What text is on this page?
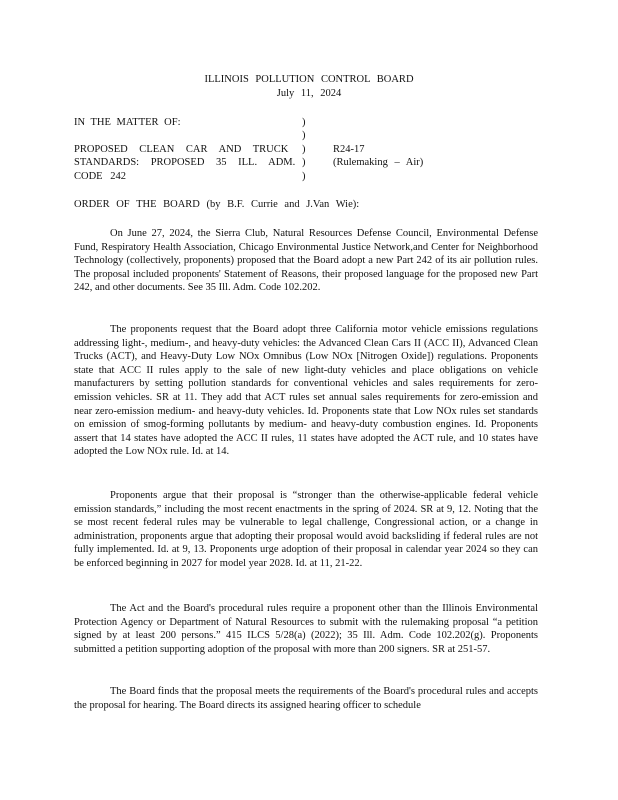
ILLINOIS POLLUTION CONTROL BOARD
July 11, 2024
IN THE MATTER OF:	)
)
)
)
)
PROPOSED CLEAN CAR AND TRUCK
STANDARDS: PROPOSED 35 ILL. ADM.
CODE 242
R24-17
(Rulemaking – Air)
ORDER OF THE BOARD (by B.F. Currie and J.Van Wie):

On June 27, 2024, the Sierra Club, Natural Resources Defense Council, Environmental Defense Fund, Respiratory Health Association, Chicago Environmental Justice Network,and Center for Neighborhood Technology (collectively, proponents) proposed that the Board adopt a new Part 242 of its air pollution rules. The proposal included proponents' Statement of Reasons, their proposed language for the proposed new Part 242, and other documents. See 35 Ill. Adm. Code 102.202.

The proponents request that the Board adopt three California motor vehicle emissions regulations addressing light-, medium-, and heavy-duty vehicles: the Advanced Clean Cars II (ACC II), Advanced Clean Trucks (ACT), and Heavy-Duty Low NOx Omnibus (Low NOx [Nitrogen Oxide]) regulations. Proponents state that ACC II rules apply to the sale of new light-duty vehicles and place obligations on vehicle manufacturers by setting pollution standards for conventional vehicles and sales requirements for zero-emission vehicles. SR at 11. They add that ACT rules set annual sales requirements for zero-emission and near zero-emission medium- and heavy-duty vehicles. Id. Proponents state that Low NOx rules set standards on emission of smog-forming pollutants by medium- and heavy-duty combustion engines. Id. Proponents assert that 14 states have adopted the ACC II rules, 11 states have adopted the ACT rule, and 10 states have adopted the Low NOx rule. Id. at 14.

Proponents argue that their proposal is “stronger than the otherwise-applicable federal vehicle emission standards,” including the most recent enactments in the spring of 2024. SR at 9, 12. Noting that the se most recent federal rules may be vulnerable to legal challenge, Congressional action, or a change in administration, proponents argue that adopting their proposal would avoid backsliding if federal rules are not fully implemented. Id. at 9, 13. Proponents urge adoption of their proposal in calendar year 2024 so they can be enforced beginning in 2027 for model year 2028. Id. at 11, 21-22.

The Act and the Board's procedural rules require a proponent other than the Illinois Environmental Protection Agency or Department of Natural Resources to submit with the rulemaking proposal “a petition signed by at least 200 persons.” 415 ILCS 5/28(a) (2022); 35 Ill. Adm. Code 102.202(g). Proponents submitted a petition supporting adoption of the proposal with more than 200 signers. SR at 251-57.

The Board finds that the proposal meets the requirements of the Board's procedural rules and accepts the proposal for hearing. The Board directs its assigned hearing officer to schedule
